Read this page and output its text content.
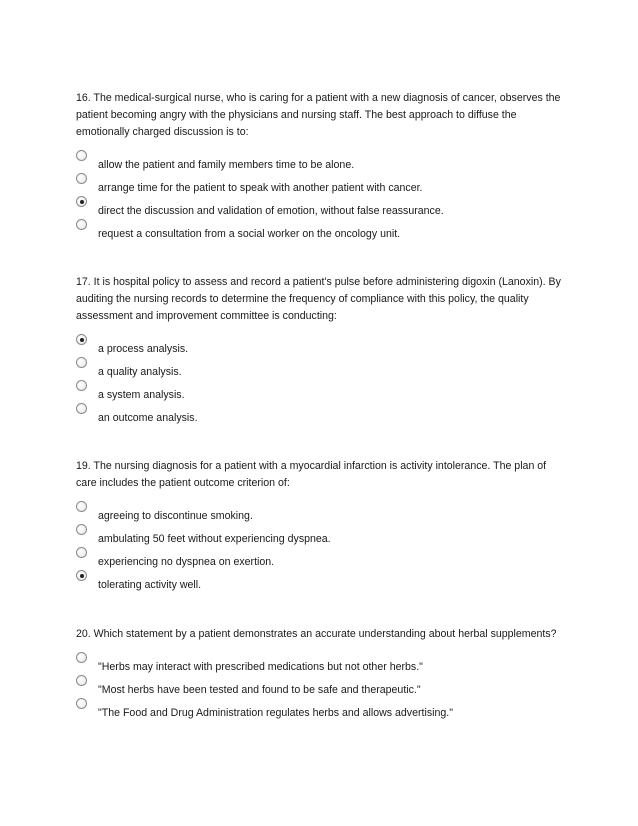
16. The medical-surgical nurse, who is caring for a patient with a new diagnosis of cancer, observes the patient becoming angry with the physicians and nursing staff. The best approach to diffuse the emotionally charged discussion is to:

allow the patient and family members time to be alone.
arrange time for the patient to speak with another patient with cancer.
direct the discussion and validation of emotion, without false reassurance.
request a consultation from a social worker on the oncology unit.

17. It is hospital policy to assess and record a patient's pulse before administering digoxin (Lanoxin). By auditing the nursing records to determine the frequency of compliance with this policy, the quality assessment and improvement committee is conducting:

a process analysis.
a quality analysis.
a system analysis.
an outcome analysis.

19. The nursing diagnosis for a patient with a myocardial infarction is activity intolerance. The plan of care includes the patient outcome criterion of:

agreeing to discontinue smoking.
ambulating 50 feet without experiencing dyspnea.
experiencing no dyspnea on exertion.
tolerating activity well.

20. Which statement by a patient demonstrates an accurate understanding about herbal supplements?

"Herbs may interact with prescribed medications but not other herbs."
"Most herbs have been tested and found to be safe and therapeutic."
"The Food and Drug Administration regulates herbs and allows advertising."
